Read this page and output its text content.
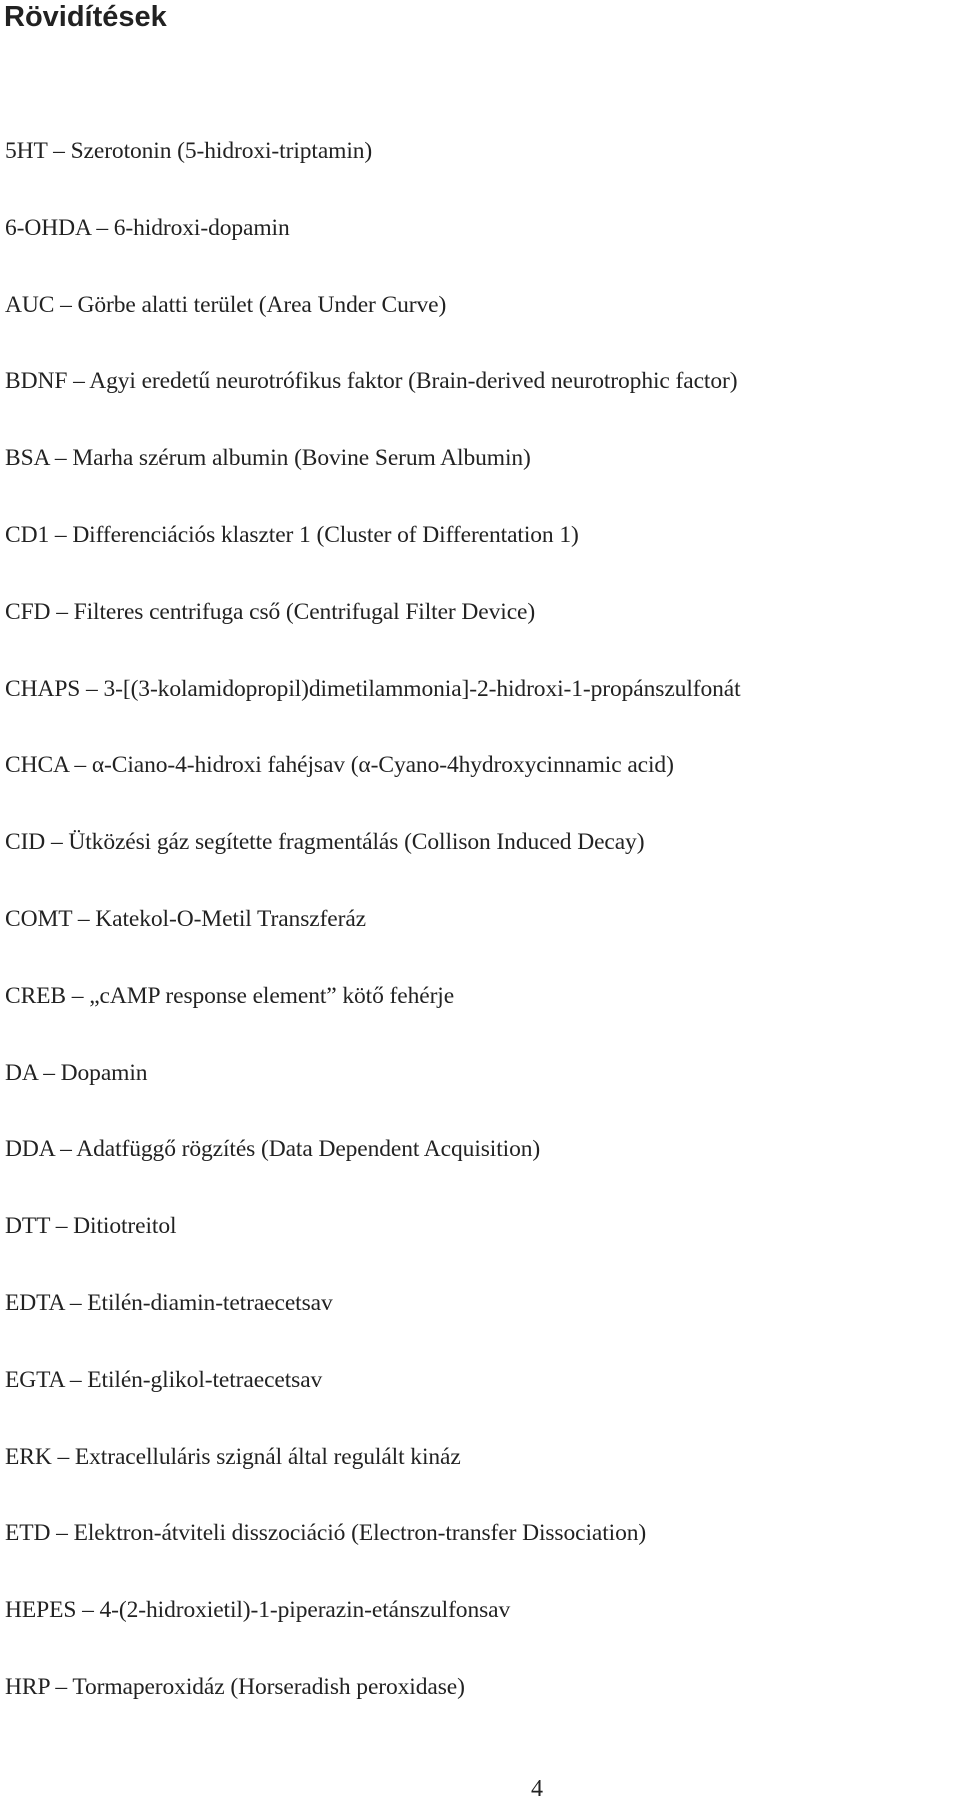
Rövidítések
5HT – Szerotonin (5-hidroxi-triptamin)
6-OHDA – 6-hidroxi-dopamin
AUC – Görbe alatti terület (Area Under Curve)
BDNF – Agyi eredetű neurotrófikus faktor (Brain-derived neurotrophic factor)
BSA – Marha szérum albumin (Bovine Serum Albumin)
CD1 – Differenciációs klaszter 1 (Cluster of Differentation 1)
CFD – Filteres centrifuga cső (Centrifugal Filter Device)
CHAPS – 3-[(3-kolamidopropil)dimetilammonia]-2-hidroxi-1-propánszulfonát
CHCA – α-Ciano-4-hidroxi fahéjsav (α-Cyano-4hydroxycinnamic acid)
CID – Ütközési gáz segítette fragmentálás (Collison Induced Decay)
COMT – Katekol-O-Metil Transzferáz
CREB – „cAMP response element” kötő fehérje
DA – Dopamin
DDA – Adatfüggő rögzítés (Data Dependent Acquisition)
DTT – Ditiotreitol
EDTA – Etilén-diamin-tetraecetsav
EGTA – Etilén-glikol-tetraecetsav
ERK – Extracelluláris szignál által regulált kináz
ETD – Elektron-átviteli disszociáció (Electron-transfer Dissociation)
HEPES – 4-(2-hidroxietil)-1-piperazin-etánszulfonsav
HRP – Tormaperoxidáz (Horseradish peroxidase)
4
